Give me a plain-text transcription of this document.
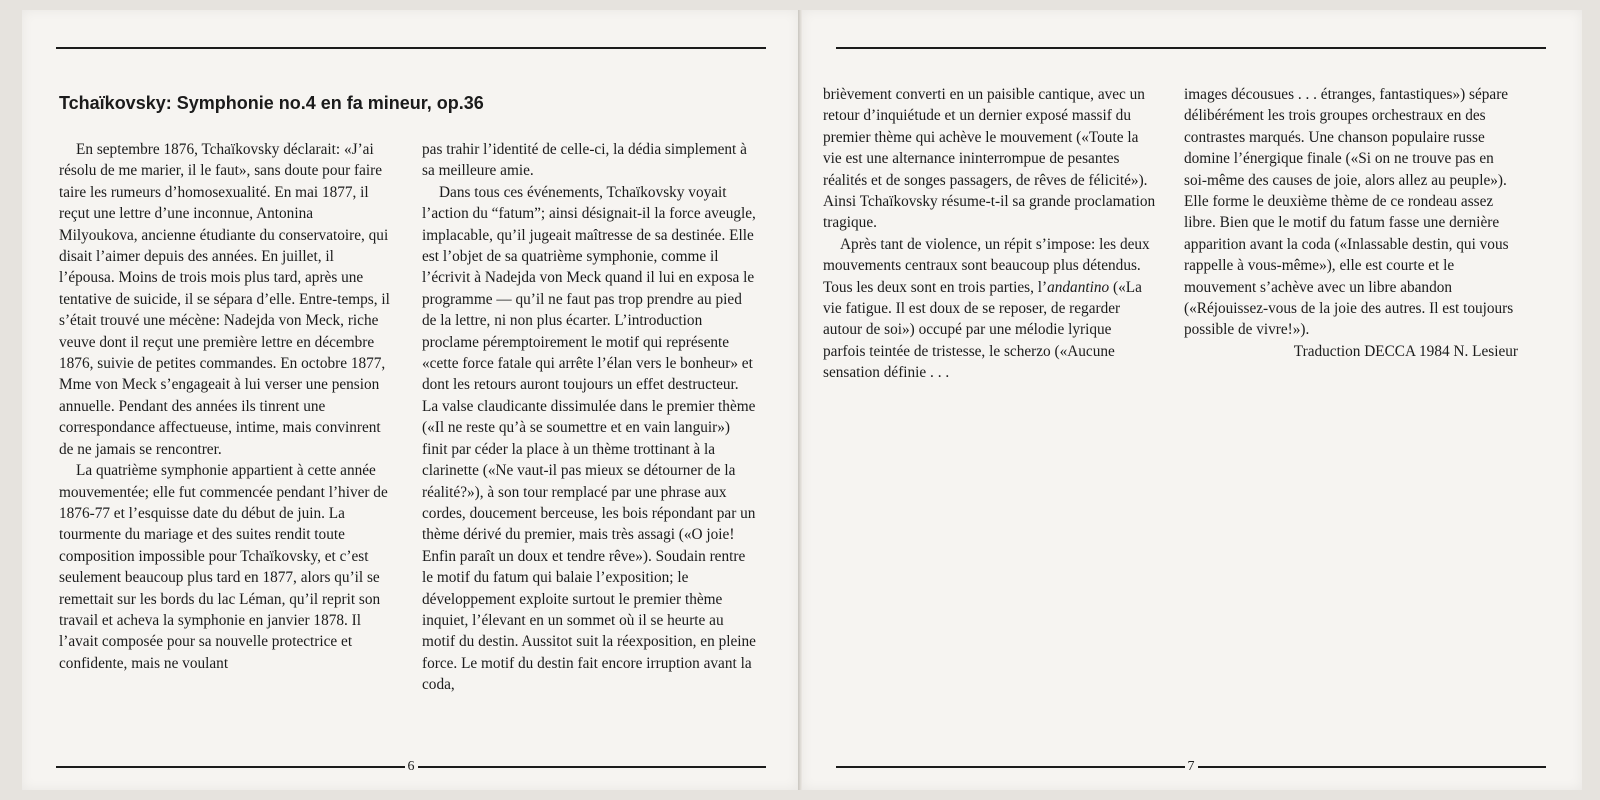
Tchaïkovsky: Symphonie no.4 en fa mineur, op.36

En septembre 1876, Tchaïkovsky déclarait: «J’ai résolu de me marier, il le faut», sans doute pour faire taire les rumeurs d’homosexualité. En mai 1877, il reçut une lettre d’une inconnue, Antonina Milyoukova, ancienne étudiante du conservatoire, qui disait l’aimer depuis des années. En juillet, il l’épousa. Moins de trois mois plus tard, après une tentative de suicide, il se sépara d’elle. Entre-temps, il s’était trouvé une mécène: Nadejda von Meck, riche veuve dont il reçut une première lettre en décembre 1876, suivie de petites commandes. En octobre 1877, Mme von Meck s’engageait à lui verser une pension annuelle. Pendant des années ils tinrent une correspondance affectueuse, intime, mais convinrent de ne jamais se rencontrer.

La quatrième symphonie appartient à cette année mouvementée; elle fut commencée pendant l’hiver de 1876-77 et l’esquisse date du début de juin. La tourmente du mariage et des suites rendit toute composition impossible pour Tchaïkovsky, et c’est seulement beaucoup plus tard en 1877, alors qu’il se remettait sur les bords du lac Léman, qu’il reprit son travail et acheva la symphonie en janvier 1878. Il l’avait composée pour sa nouvelle protectrice et confidente, mais ne voulant

pas trahir l’identité de celle-ci, la dédia simplement à sa meilleure amie.

Dans tous ces événements, Tchaïkovsky voyait l’action du “fatum”; ainsi désignait-il la force aveugle, implacable, qu’il jugeait maîtresse de sa destinée. Elle est l’objet de sa quatrième symphonie, comme il l’écrivit à Nadejda von Meck quand il lui en exposa le programme — qu’il ne faut pas trop prendre au pied de la lettre, ni non plus écarter. L’introduction proclame péremptoirement le motif qui représente «cette force fatale qui arrête l’élan vers le bonheur» et dont les retours auront toujours un effet destructeur. La valse claudicante dissimulée dans le premier thème («Il ne reste qu’à se soumettre et en vain languir») finit par céder la place à un thème trottinant à la clarinette («Ne vaut-il pas mieux se détourner de la réalité?»), à son tour remplacé par une phrase aux cordes, doucement berceuse, les bois répondant par un thème dérivé du premier, mais très assagi («O joie! Enfin paraît un doux et tendre rêve»). Soudain rentre le motif du fatum qui balaie l’exposition; le développement exploite surtout le premier thème inquiet, l’élevant en un sommet où il se heurte au motif du destin. Aussitot suit la réexposition, en pleine force. Le motif du destin fait encore irruption avant la coda,

6

brièvement converti en un paisible cantique, avec un retour d’inquiétude et un dernier exposé massif du premier thème qui achève le mouvement («Toute la vie est une alternance ininterrompue de pesantes réalités et de songes passagers, de rêves de félicité»). Ainsi Tchaïkovsky résume-t-il sa grande proclamation tragique.

Après tant de violence, un répit s’impose: les deux mouvements centraux sont beaucoup plus détendus. Tous les deux sont en trois parties, l’andantino («La vie fatigue. Il est doux de se reposer, de regarder autour de soi») occupé par une mélodie lyrique parfois teintée de tristesse, le scherzo («Aucune sensation définie . . .

images décousues . . . étranges, fantastiques») sépare délibérément les trois groupes orchestraux en des contrastes marqués. Une chanson populaire russe domine l’énergique finale («Si on ne trouve pas en soi-même des causes de joie, alors allez au peuple»). Elle forme le deuxième thème de ce rondeau assez libre. Bien que le motif du fatum fasse une dernière apparition avant la coda («Inlassable destin, qui vous rappelle à vous-même»), elle est courte et le mouvement s’achève avec un libre abandon («Réjouissez-vous de la joie des autres. Il est toujours possible de vivre!»).

Traduction DECCA 1984 N. Lesieur

7
